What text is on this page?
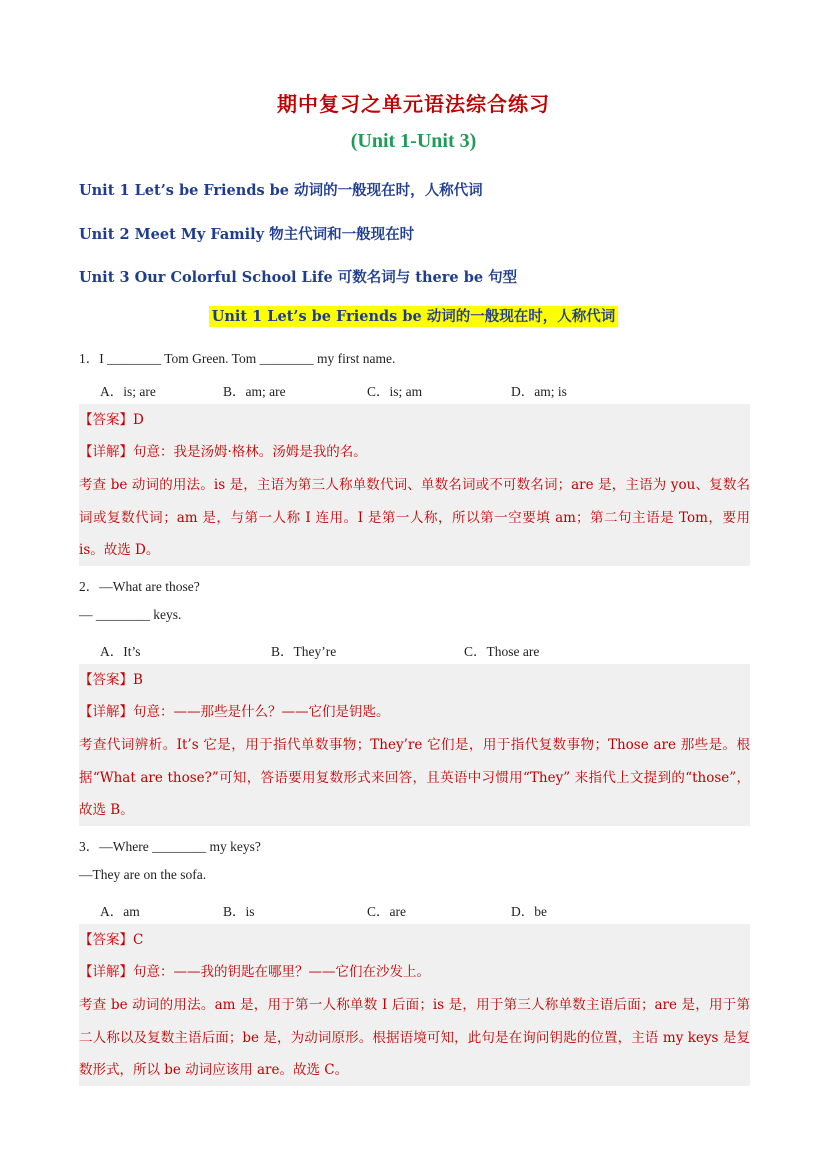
期中复习之单元语法综合练习
(Unit 1-Unit 3)
Unit 1 Let’s be Friends be 动词的一般现在时，人称代词
Unit 2 Meet My Family 物主代词和一般现在时
Unit 3 Our Colorful School Life 可数名词与 there be 句型
Unit 1 Let’s be Friends be 动词的一般现在时，人称代词
1．I ________ Tom Green. Tom ________ my first name.
A．is; are	B．am; are	C．is; am	D．am; is
【答案】D
【详解】句意：我是汤姆·格林。汤姆是我的名。
考查 be 动词的用法。is 是，主语为第三人称单数代词、单数名词或不可数名词；are 是，主语为 you、复数名词或复数代词；am 是，与第一人称 I 连用。I 是第一人称，所以第一空要填 am；第二句主语是 Tom，要用 is。故选 D。
2．—What are those?
— ________ keys.
A．It’s	B．They’re	C．Those are
【答案】B
【详解】句意：——那些是什么？——它们是钥匙。
考查代词辨析。It’s 它是，用于指代单数事物；They’re 它们是，用于指代复数事物；Those are 那些是。根据“What are those?”可知，答语要用复数形式来回答，且英语中习惯用“They” 来指代上文提到的“those”，故选 B。
3．—Where ________ my keys?
—They are on the sofa.
A．am	B．is	C．are	D．be
【答案】C
【详解】句意：——我的钥匙在哪里？——它们在沙发上。
考查 be 动词的用法。am 是，用于第一人称单数 I 后面；is 是，用于第三人称单数主语后面；are 是，用于第二人称以及复数主语后面；be 是，为动词原形。根据语境可知，此句是在询问钥匙的位置，主语 my keys 是复数形式，所以 be 动词应该用 are。故选 C。
